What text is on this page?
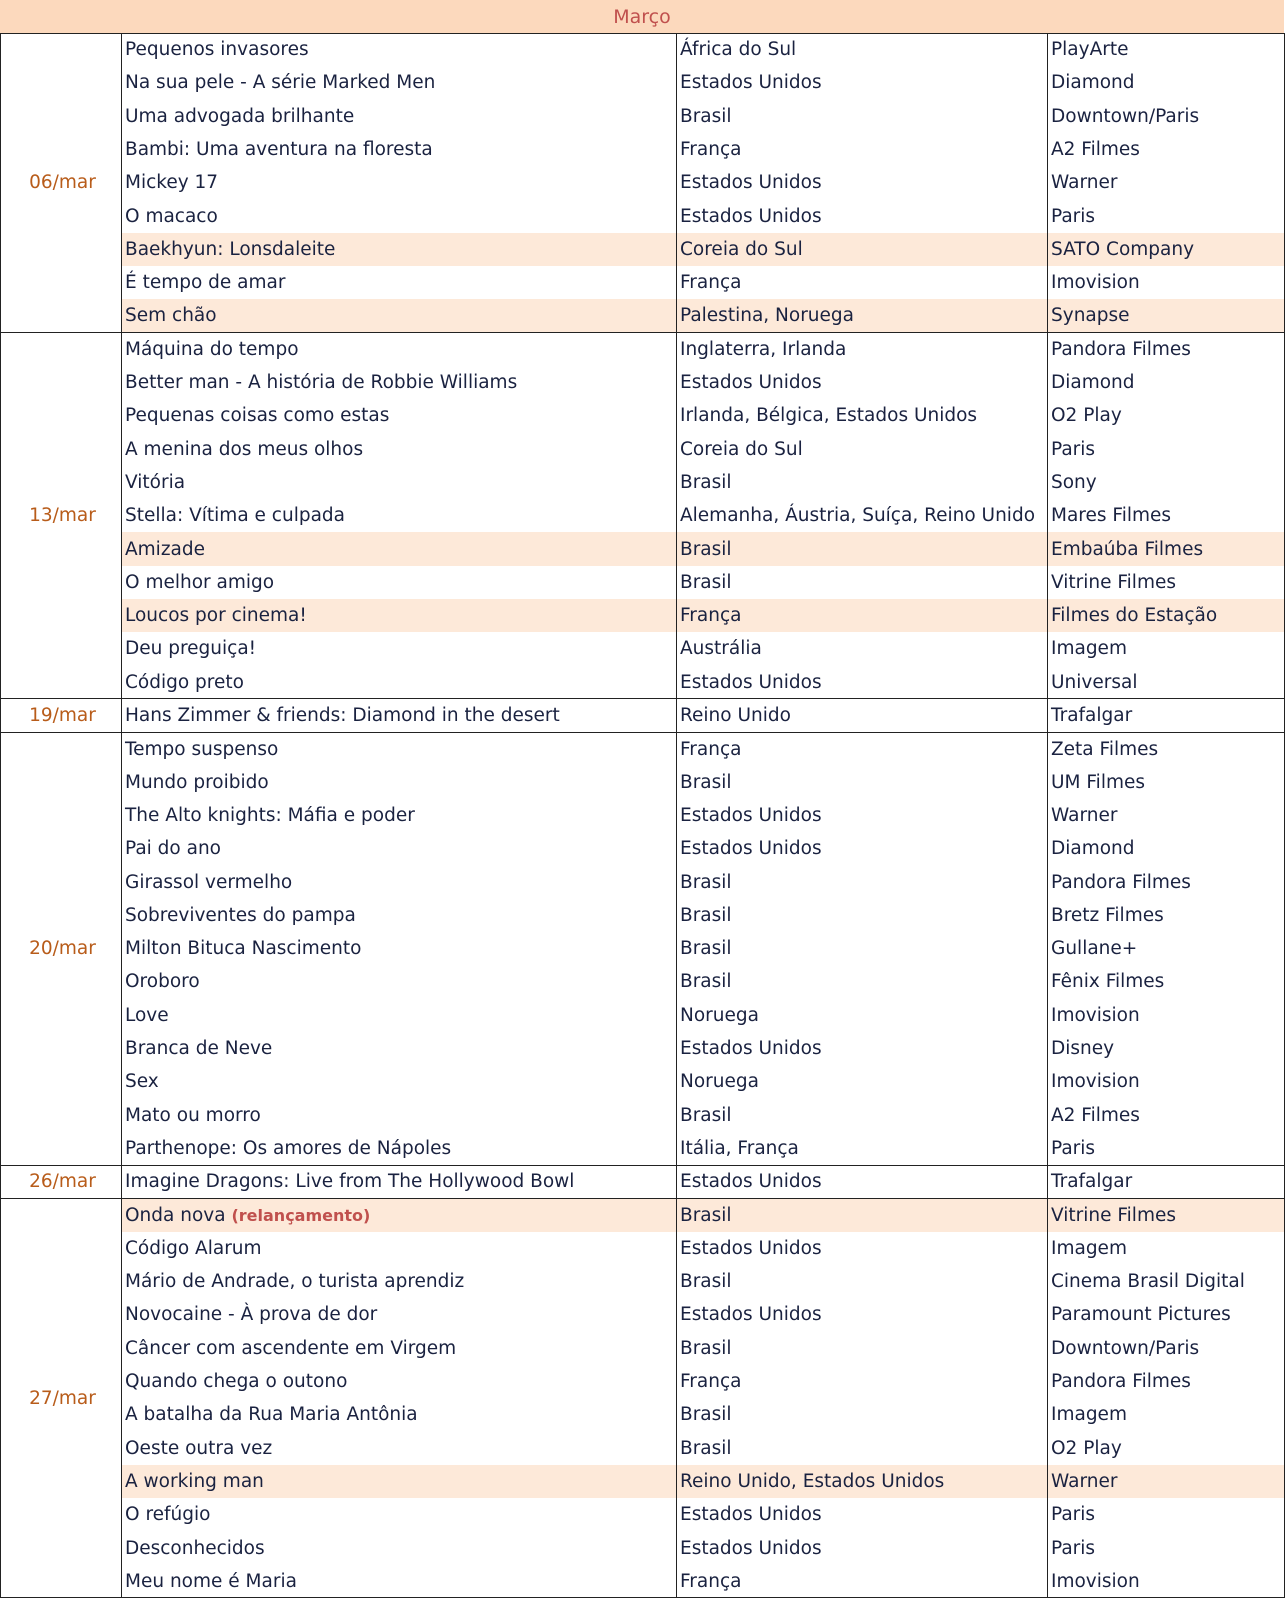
Março
06/mar	Pequenos invasores	África do Sul	PlayArte
	Na sua pele - A série Marked Men	Estados Unidos	Diamond
	Uma advogada brilhante	Brasil	Downtown/Paris
	Bambi: Uma aventura na floresta	França	A2 Filmes
	Mickey 17	Estados Unidos	Warner
	O macaco	Estados Unidos	Paris
	Baekhyun: Lonsdaleite	Coreia do Sul	SATO Company
	É tempo de amar	França	Imovision
	Sem chão	Palestina, Noruega	Synapse
13/mar	Máquina do tempo	Inglaterra, Irlanda	Pandora Filmes
	Better man - A história de Robbie Williams	Estados Unidos	Diamond
	Pequenas coisas como estas	Irlanda, Bélgica, Estados Unidos	O2 Play
	A menina dos meus olhos	Coreia do Sul	Paris
	Vitória	Brasil	Sony
	Stella: Vítima e culpada	Alemanha, Áustria, Suíça, Reino Unido	Mares Filmes
	Amizade	Brasil	Embaúba Filmes
	O melhor amigo	Brasil	Vitrine Filmes
	Loucos por cinema!	França	Filmes do Estação
	Deu preguiça!	Austrália	Imagem
	Código preto	Estados Unidos	Universal
19/mar	Hans Zimmer & friends: Diamond in the desert	Reino Unido	Trafalgar
20/mar	Tempo suspenso	França	Zeta Filmes
	Mundo proibido	Brasil	UM Filmes
	The Alto knights: Máfia e poder	Estados Unidos	Warner
	Pai do ano	Estados Unidos	Diamond
	Girassol vermelho	Brasil	Pandora Filmes
	Sobreviventes do pampa	Brasil	Bretz Filmes
	Milton Bituca Nascimento	Brasil	Gullane+
	Oroboro	Brasil	Fênix Filmes
	Love	Noruega	Imovision
	Branca de Neve	Estados Unidos	Disney
	Sex	Noruega	Imovision
	Mato ou morro	Brasil	A2 Filmes
	Parthenope: Os amores de Nápoles	Itália, França	Paris
26/mar	Imagine Dragons: Live from The Hollywood Bowl	Estados Unidos	Trafalgar
27/mar	Onda nova (relançamento)	Brasil	Vitrine Filmes
	Código Alarum	Estados Unidos	Imagem
	Mário de Andrade, o turista aprendiz	Brasil	Cinema Brasil Digital
	Novocaine - À prova de dor	Estados Unidos	Paramount Pictures
	Câncer com ascendente em Virgem	Brasil	Downtown/Paris
	Quando chega o outono	França	Pandora Filmes
	A batalha da Rua Maria Antônia	Brasil	Imagem
	Oeste outra vez	Brasil	O2 Play
	A working man	Reino Unido, Estados Unidos	Warner
	O refúgio	Estados Unidos	Paris
	Desconhecidos	Estados Unidos	Paris
	Meu nome é Maria	França	Imovision
